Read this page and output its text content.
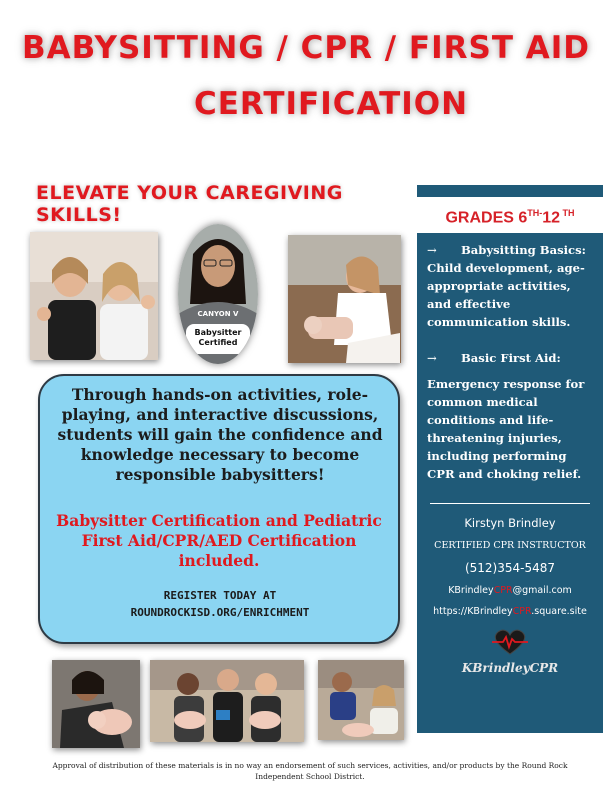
BABYSITTING / CPR / FIRST AID
CERTIFICATION
ELEVATE YOUR CAREGIVING SKILLS!	GRADES $6^{TH-}12$ $^{TH}$
→ Babysitting Basics:
Child development, age-appropriate activities, and effective communication skills.
→ Basic First Aid:
Emergency response for common medical conditions and life-threatening injuries, including performing CPR and choking relief.
Kirstyn Brindley
CERTIFIED CPR INSTRUCTOR
(512)354-5487
KBrindleyCPR@gmail.com
https://KBrindleyCPR.square.site
KBrindleyCPR
CANYON V
Babysitter Certified
Through hands-on activities, role-playing, and interactive discussions, students will gain the confidence and knowledge necessary to become responsible babysitters!
Babysitter Certification and Pediatric First Aid/CPR/AED Certification included.
REGISTER TODAY AT
ROUNDROCKISD.ORG/ENRICHMENT
Approval of distribution of these materials is in no way an endorsement of such services, activities, and/or products by the Round Rock Independent School District.
